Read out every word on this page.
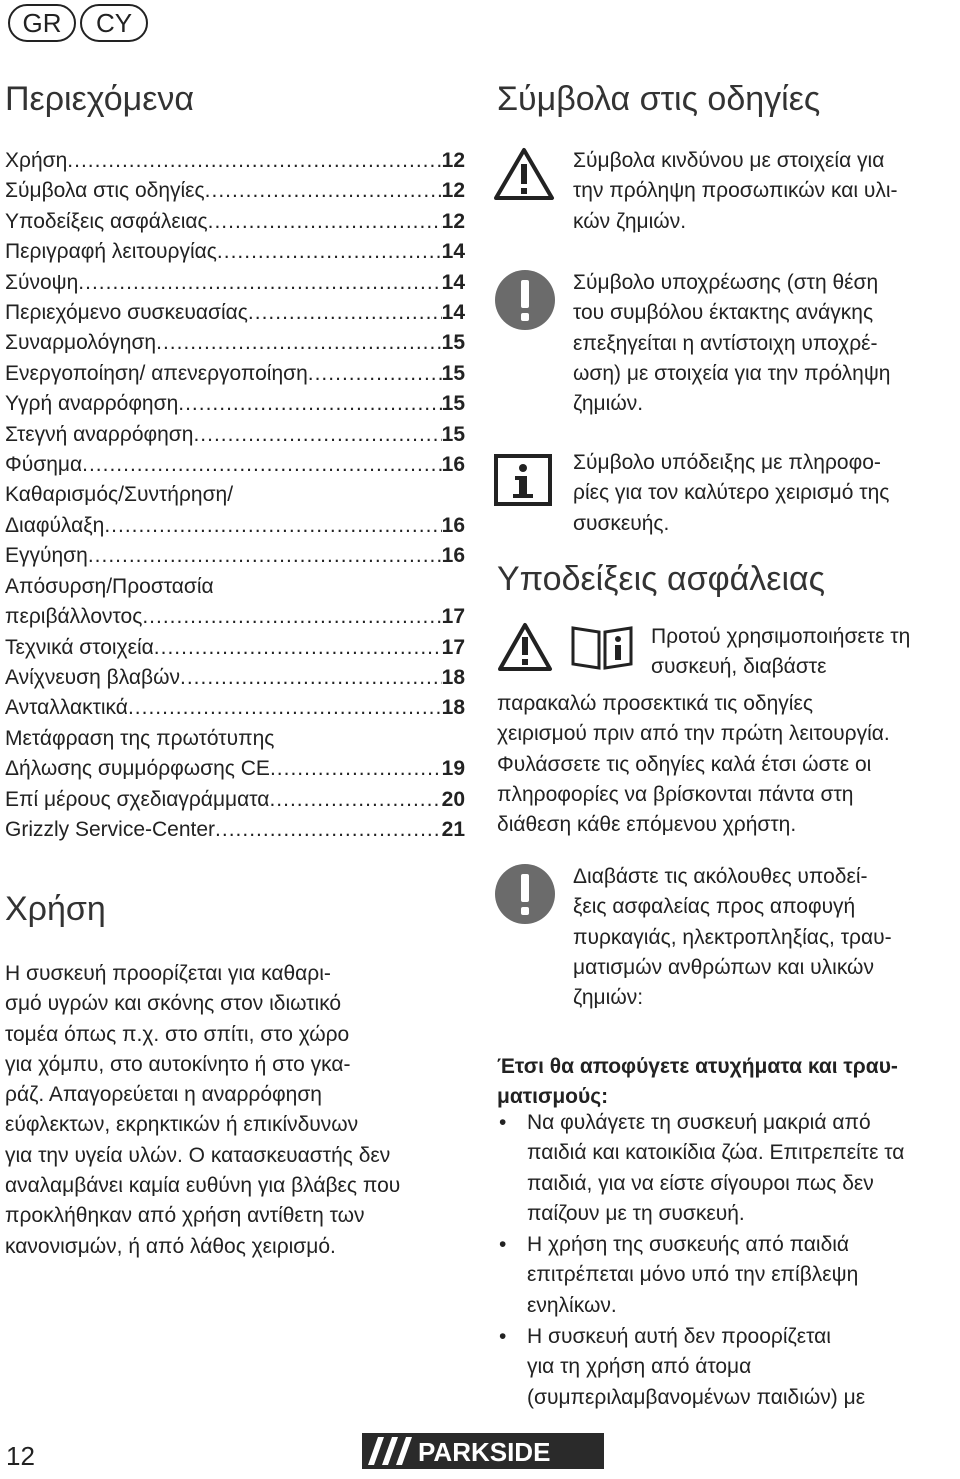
GR	CY
Περιεχόμενα
Χρήση .....	12
Σύμβολα στις οδηγίες .....	12
Υποδείξεις ασφάλειας .....	12
Περιγραφή λειτουργίας .....	14
Σύνοψη .....	14
Περιεχόμενο συσκευασίας .....	14
Συναρμολόγηση .....	15
Ενεργοποίηση/ απενεργοποίηση .....	15
Υγρή αναρρόφηση .....	15
Στεγνή αναρρόφηση .....	15
Φύσημα .....	16
Καθαρισμός/Συντήρηση/
Διαφύλαξη .....	16
Εγγύηση .....	16
Απόσυρση/Προστασία
περιβάλλοντος .....	17
Τεχνικά στοιχεία .....	17
Ανίχνευση βλαβών .....	18
Ανταλλακτικά .....	18
Μετάφραση της πρωτότυπης
Δήλωσης συμμόρφωσης CE .....	19
Επί μέρους σχεδιαγράμματα .....	20
Grizzly Service-Center .....	21
Χρήση
Η συσκευή προορίζεται για καθαρι-
σμό υγρών και σκόνης στον ιδιωτικό
τομέα όπως π.χ. στο σπίτι, στο χώρο
για χόμπυ, στο αυτοκίνητο ή στο γκα-
ράζ. Απαγορεύεται η αναρρόφηση
εύφλεκτων, εκρηκτικών ή επικίνδυνων
για την υγεία υλών. Ο κατασκευαστής δεν
αναλαμβάνει καμία ευθύνη για βλάβες που
προκλήθηκαν από χρήση αντίθετη των
κανονισμών, ή από λάθος χειρισμό.
Σύμβολα στις οδηγίες
Σύμβολα κινδύνου με στοιχεία για
την πρόληψη προσωπικών και υλι-
κών ζημιών.
Σύμβολο υποχρέωσης (στη θέση
του συμβόλου έκτακτης ανάγκης
επεξηγείται η αντίστοιχη υποχρέ-
ωση) με στοιχεία για την πρόληψη
ζημιών.
Σύμβολο υπόδειξης με πληροφο-
ρίες για τον καλύτερο χειρισμό της
συσκευής.
Υποδείξεις ασφάλειας
Προτού χρησιμοποιήσετε τη
συσκευή, διαβάστε
παρακαλώ προσεκτικά τις οδηγίες
χειρισμού πριν από την πρώτη λειτουργία.
Φυλάσσετε τις οδηγίες καλά έτσι ώστε οι
πληροφορίες να βρίσκονται πάντα στη
διάθεση κάθε επόμενου χρήστη.
Διαβάστε τις ακόλουθες υποδεί-
ξεις ασφαλείας προς αποφυγή
πυρκαγιάς, ηλεκτροπληξίας, τραυ-
ματισμών ανθρώπων και υλικών
ζημιών:
Έτσι θα αποφύγετε ατυχήματα και τραυ-
ματισμούς:
• Να φυλάγετε τη συσκευή μακριά από
παιδιά και κατοικίδια ζώα. Επιτρεπείτε τα
παιδιά, για να είστε σίγουροι πως δεν
παίζουν με τη συσκευή.
• Η χρήση της συσκευής από παιδιά
επιτρέπεται μόνο υπό την επίβλεψη
ενηλίκων.
• Η συσκευή αυτή δεν προορίζεται
για τη χρήση από άτομα
(συμπεριλαμβανομένων παιδιών) με
12	PARKSIDE
